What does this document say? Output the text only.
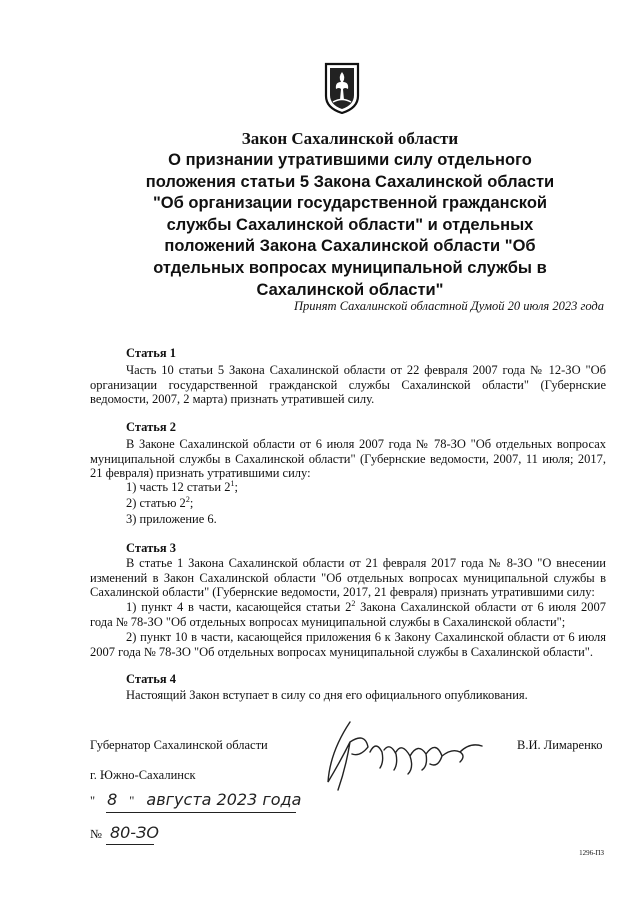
Закон Сахалинской области
О признании утратившими силу отдельного
положения статьи 5 Закона Сахалинской области
"Об организации государственной гражданской
службы Сахалинской области" и отдельных
положений Закона Сахалинской области "Об
отдельных вопросах муниципальной службы в
Сахалинской области"
Принят Сахалинской областной Думой 20 июля 2023 года
Статья 1
Часть 10 статьи 5 Закона Сахалинской области от 22 февраля 2007 года № 12-ЗО "Об организации государственной гражданской службы Сахалинской области" (Губернские ведомости, 2007, 2 марта) признать утратившей силу.
Статья 2
В Законе Сахалинской области от 6 июля 2007 года № 78-ЗО "Об отдельных вопросах муниципальной службы в Сахалинской области" (Губернские ведомости, 2007, 11 июля; 2017, 21 февраля) признать утратившими силу:
1) часть 12 статьи $2^1$;
2) статью $2^2$;
3) приложение 6.
Статья 3
В статье 1 Закона Сахалинской области от 21 февраля 2017 года № 8-ЗО "О внесении изменений в Закон Сахалинской области "Об отдельных вопросах муниципальной службы в Сахалинской области" (Губернские ведомости, 2017, 21 февраля) признать утратившими силу:
1) пункт 4 в части, касающейся статьи $2^2$ Закона Сахалинской области от 6 июля 2007 года № 78-ЗО "Об отдельных вопросах муниципальной службы в Сахалинской области";
2) пункт 10 в части, касающейся приложения 6 к Закону Сахалинской области от 6 июля 2007 года № 78-ЗО "Об отдельных вопросах муниципальной службы в Сахалинской области".
Статья 4
Настоящий Закон вступает в силу со дня его официального опубликования.
Губернатор Сахалинской области	В.И. Лимаренко
г. Южно-Сахалинск
" 8 " августа 2023 года
№ 80-ЗО
1296-ПЗ
